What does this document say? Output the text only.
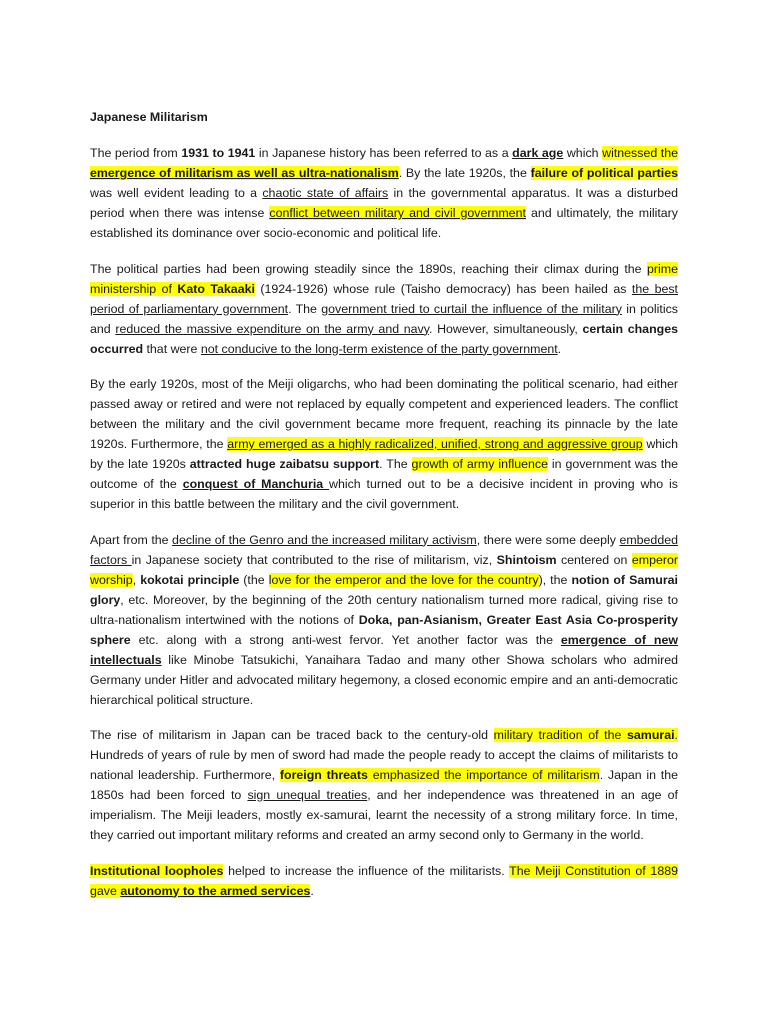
Japanese Militarism

The period from 1931 to 1941 in Japanese history has been referred to as a dark age which witnessed the emergence of militarism as well as ultra-nationalism. By the late 1920s, the failure of political parties was well evident leading to a chaotic state of affairs in the governmental apparatus. It was a disturbed period when there was intense conflict between military and civil government and ultimately, the military established its dominance over socio-economic and political life.

The political parties had been growing steadily since the 1890s, reaching their climax during the prime ministership of Kato Takaaki (1924-1926) whose rule (Taisho democracy) has been hailed as the best period of parliamentary government. The government tried to curtail the influence of the military in politics and reduced the massive expenditure on the army and navy. However, simultaneously, certain changes occurred that were not conducive to the long-term existence of the party government.

By the early 1920s, most of the Meiji oligarchs, who had been dominating the political scenario, had either passed away or retired and were not replaced by equally competent and experienced leaders. The conflict between the military and the civil government became more frequent, reaching its pinnacle by the late 1920s. Furthermore, the army emerged as a highly radicalized, unified, strong and aggressive group which by the late 1920s attracted huge zaibatsu support. The growth of army influence in government was the outcome of the conquest of Manchuria which turned out to be a decisive incident in proving who is superior in this battle between the military and the civil government.

Apart from the decline of the Genro and the increased military activism, there were some deeply embedded factors in Japanese society that contributed to the rise of militarism, viz, Shintoism centered on emperor worship, kokotai principle (the love for the emperor and the love for the country), the notion of Samurai glory, etc. Moreover, by the beginning of the 20th century nationalism turned more radical, giving rise to ultra-nationalism intertwined with the notions of Doka, pan-Asianism, Greater East Asia Co-prosperity sphere etc. along with a strong anti-west fervor. Yet another factor was the emergence of new intellectuals like Minobe Tatsukichi, Yanaihara Tadao and many other Showa scholars who admired Germany under Hitler and advocated military hegemony, a closed economic empire and an anti-democratic hierarchical political structure.

The rise of militarism in Japan can be traced back to the century-old military tradition of the samurai. Hundreds of years of rule by men of sword had made the people ready to accept the claims of militarists to national leadership. Furthermore, foreign threats emphasized the importance of militarism. Japan in the 1850s had been forced to sign unequal treaties, and her independence was threatened in an age of imperialism. The Meiji leaders, mostly ex-samurai, learnt the necessity of a strong military force. In time, they carried out important military reforms and created an army second only to Germany in the world.

Institutional loopholes helped to increase the influence of the militarists. The Meiji Constitution of 1889 gave autonomy to the armed services.
